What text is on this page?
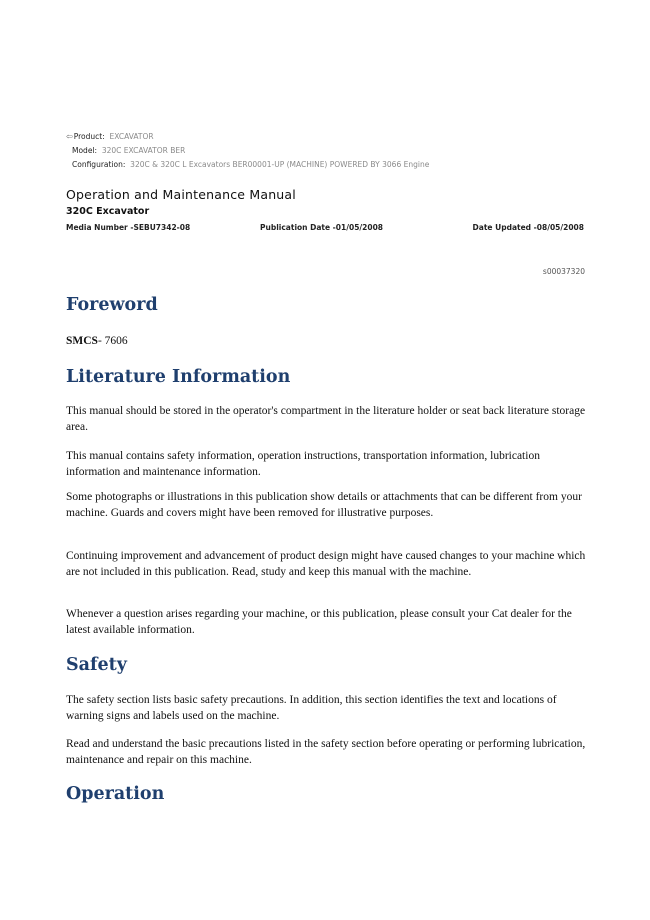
⇦Product: EXCAVATOR
Model: 320C EXCAVATOR BER
Configuration: 320C & 320C L Excavators BER00001-UP (MACHINE) POWERED BY 3066 Engine
Operation and Maintenance Manual
320C Excavator
Media Number -SEBU7342-08	Publication Date -01/05/2008	Date Updated -08/05/2008
s00037320
Foreword
SMCS- 7606
Literature Information
This manual should be stored in the operator's compartment in the literature holder or seat back literature storage area.
This manual contains safety information, operation instructions, transportation information, lubrication information and maintenance information.
Some photographs or illustrations in this publication show details or attachments that can be different from your machine. Guards and covers might have been removed for illustrative purposes.
Continuing improvement and advancement of product design might have caused changes to your machine which are not included in this publication. Read, study and keep this manual with the machine.
Whenever a question arises regarding your machine, or this publication, please consult your Cat dealer for the latest available information.
Safety
The safety section lists basic safety precautions. In addition, this section identifies the text and locations of warning signs and labels used on the machine.
Read and understand the basic precautions listed in the safety section before operating or performing lubrication, maintenance and repair on this machine.
Operation
